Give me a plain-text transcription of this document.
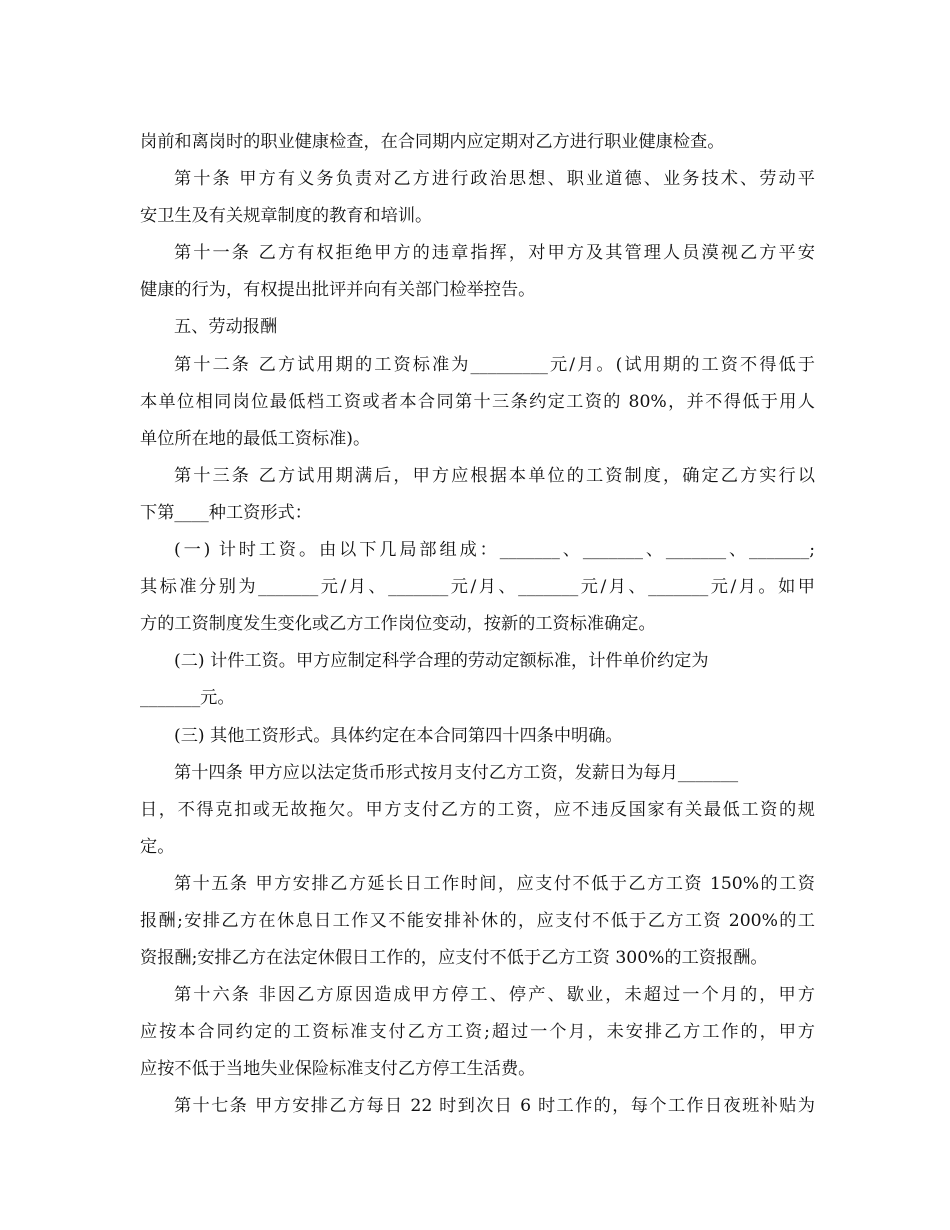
岗前和离岗时的职业健康检查，在合同期内应定期对乙方进行职业健康检查。
第十条 甲方有义务负责对乙方进行政治思想、职业道德、业务技术、劳动平
安卫生及有关规章制度的教育和培训。
第十一条 乙方有权拒绝甲方的违章指挥，对甲方及其管理人员漠视乙方平安
健康的行为，有权提出批评并向有关部门检举控告。
五、劳动报酬
第十二条 乙方试用期的工资标准为_________元/月。(试用期的工资不得低于
本单位相同岗位最低档工资或者本合同第十三条约定工资的 80%，并不得低于用人
单位所在地的最低工资标准)。
第十三条 乙方试用期满后，甲方应根据本单位的工资制度，确定乙方实行以
下第____种工资形式：
(一) 计时工资。由以下几局部组成：_______、_______、_______、_______;
其标准分别为_______元/月、_______元/月、_______元/月、_______元/月。如甲
方的工资制度发生变化或乙方工作岗位变动，按新的工资标准确定。
(二) 计件工资。甲方应制定科学合理的劳动定额标准，计件单价约定为
_______元。
(三) 其他工资形式。具体约定在本合同第四十四条中明确。
第十四条 甲方应以法定货币形式按月支付乙方工资，发薪日为每月_______
日，不得克扣或无故拖欠。甲方支付乙方的工资，应不违反国家有关最低工资的规
定。
第十五条 甲方安排乙方延长日工作时间，应支付不低于乙方工资 150%的工资
报酬;安排乙方在休息日工作又不能安排补休的，应支付不低于乙方工资 200%的工
资报酬;安排乙方在法定休假日工作的，应支付不低于乙方工资 300%的工资报酬。
第十六条 非因乙方原因造成甲方停工、停产、歇业，未超过一个月的，甲方
应按本合同约定的工资标准支付乙方工资;超过一个月，未安排乙方工作的，甲方
应按不低于当地失业保险标准支付乙方停工生活费。
第十七条 甲方安排乙方每日 22 时到次日 6 时工作的，每个工作日夜班补贴为
